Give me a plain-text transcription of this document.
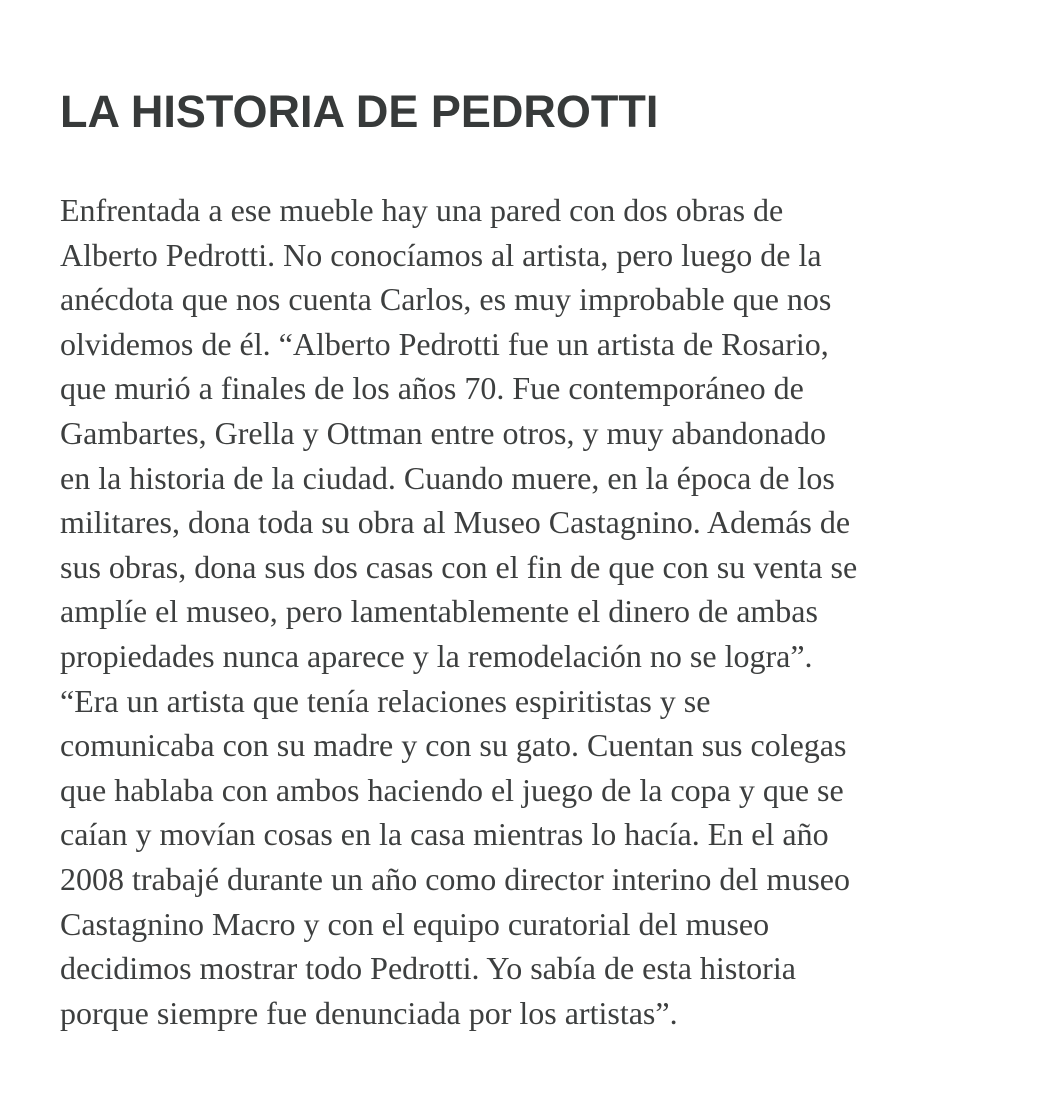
LA HISTORIA DE PEDROTTI
Enfrentada a ese mueble hay una pared con dos obras de
Alberto Pedrotti. No conocíamos al artista, pero luego de la
anécdota que nos cuenta Carlos, es muy improbable que nos
olvidemos de él. “Alberto Pedrotti fue un artista de Rosario,
que murió a finales de los años 70. Fue contemporáneo de
Gambartes, Grella y Ottman entre otros, y muy abandonado
en la historia de la ciudad. Cuando muere, en la época de los
militares, dona toda su obra al Museo Castagnino. Además de
sus obras, dona sus dos casas con el fin de que con su venta se
amplíe el museo, pero lamentablemente el dinero de ambas
propiedades nunca aparece y la remodelación no se logra”.
“Era un artista que tenía relaciones espiritistas y se
comunicaba con su madre y con su gato. Cuentan sus colegas
que hablaba con ambos haciendo el juego de la copa y que se
caían y movían cosas en la casa mientras lo hacía. En el año
2008 trabajé durante un año como director interino del museo
Castagnino Macro y con el equipo curatorial del museo
decidimos mostrar todo Pedrotti. Yo sabía de esta historia
porque siempre fue denunciada por los artistas”.
